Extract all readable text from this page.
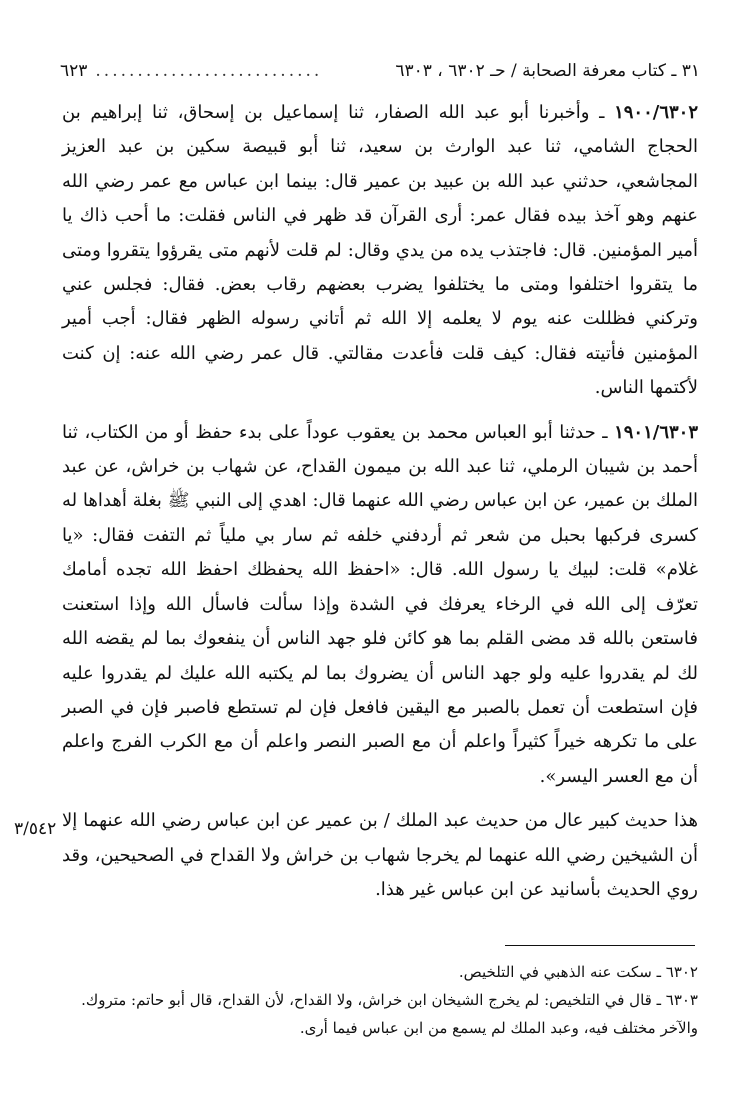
٣١ ـ كتاب معرفة الصحابة / حـ ٦٣٠٢ ، ٦٣٠٣
...........................
٦٢٣

١٩٠٠/٦٣٠٢ ـ وأخبرنا أبو عبد الله الصفار، ثنا إسماعيل بن إسحاق، ثنا إبراهيم بن الحجاج الشامي، ثنا عبد الوارث بن سعيد، ثنا أبو قبيصة سكين بن عبد العزيز المجاشعي، حدثني عبد الله بن عبيد بن عمير قال: بينما ابن عباس مع عمر رضي الله عنهم وهو آخذ بيده فقال عمر: أرى القرآن قد ظهر في الناس فقلت: ما أحب ذاك يا أمير المؤمنين. قال: فاجتذب يده من يدي وقال: لم قلت لأنهم متى يقرؤوا يتقروا ومتى ما يتقروا اختلفوا ومتى ما يختلفوا يضرب بعضهم رقاب بعض. فقال: فجلس عني وتركني فظللت عنه يوم لا يعلمه إلا الله ثم أتاني رسوله الظهر فقال: أجب أمير المؤمنين فأتيته فقال: كيف قلت فأعدت مقالتي. قال عمر رضي الله عنه: إن كنت لأكتمها الناس.

١٩٠١/٦٣٠٣ ـ حدثنا أبو العباس محمد بن يعقوب عوداً على بدء حفظ أو من الكتاب، ثنا أحمد بن شيبان الرملي، ثنا عبد الله بن ميمون القداح، عن شهاب بن خراش، عن عبد الملك بن عمير، عن ابن عباس رضي الله عنهما قال: اهدي إلى النبي ﷺ بغلة أهداها له كسرى فركبها بحبل من شعر ثم أردفني خلفه ثم سار بي ملياً ثم التفت فقال: «يا غلام» قلت: لبيك يا رسول الله. قال: «احفظ الله يحفظك احفظ الله تجده أمامك تعرّف إلى الله في الرخاء يعرفك في الشدة وإذا سألت فاسأل الله وإذا استعنت فاستعن بالله قد مضى القلم بما هو كائن فلو جهد الناس أن ينفعوك بما لم يقضه الله لك لم يقدروا عليه ولو جهد الناس أن يضروك بما لم يكتبه الله عليك لم يقدروا عليه فإن استطعت أن تعمل بالصبر مع اليقين فافعل فإن لم تستطع فاصبر فإن في الصبر على ما تكرهه خيراً كثيراً واعلم أن مع الصبر النصر واعلم أن مع الكرب الفرج واعلم أن مع العسر اليسر».

هذا حديث كبير عال من حديث عبد الملك / بن عمير عن ابن عباس رضي الله عنهما إلا أن الشيخين رضي الله عنهما لم يخرجا شهاب بن خراش ولا القداح في الصحيحين، وقد روي الحديث بأسانيد عن ابن عباس غير هذا.

٣/٥٤٢

٦٣٠٢ ـ سكت عنه الذهبي في التلخيص.

٦٣٠٣ ـ قال في التلخيص: لم يخرج الشيخان ابن خراش، ولا القداح، لأن القداح، قال أبو حاتم: متروك. والآخر مختلف فيه، وعبد الملك لم يسمع من ابن عباس فيما أرى.
